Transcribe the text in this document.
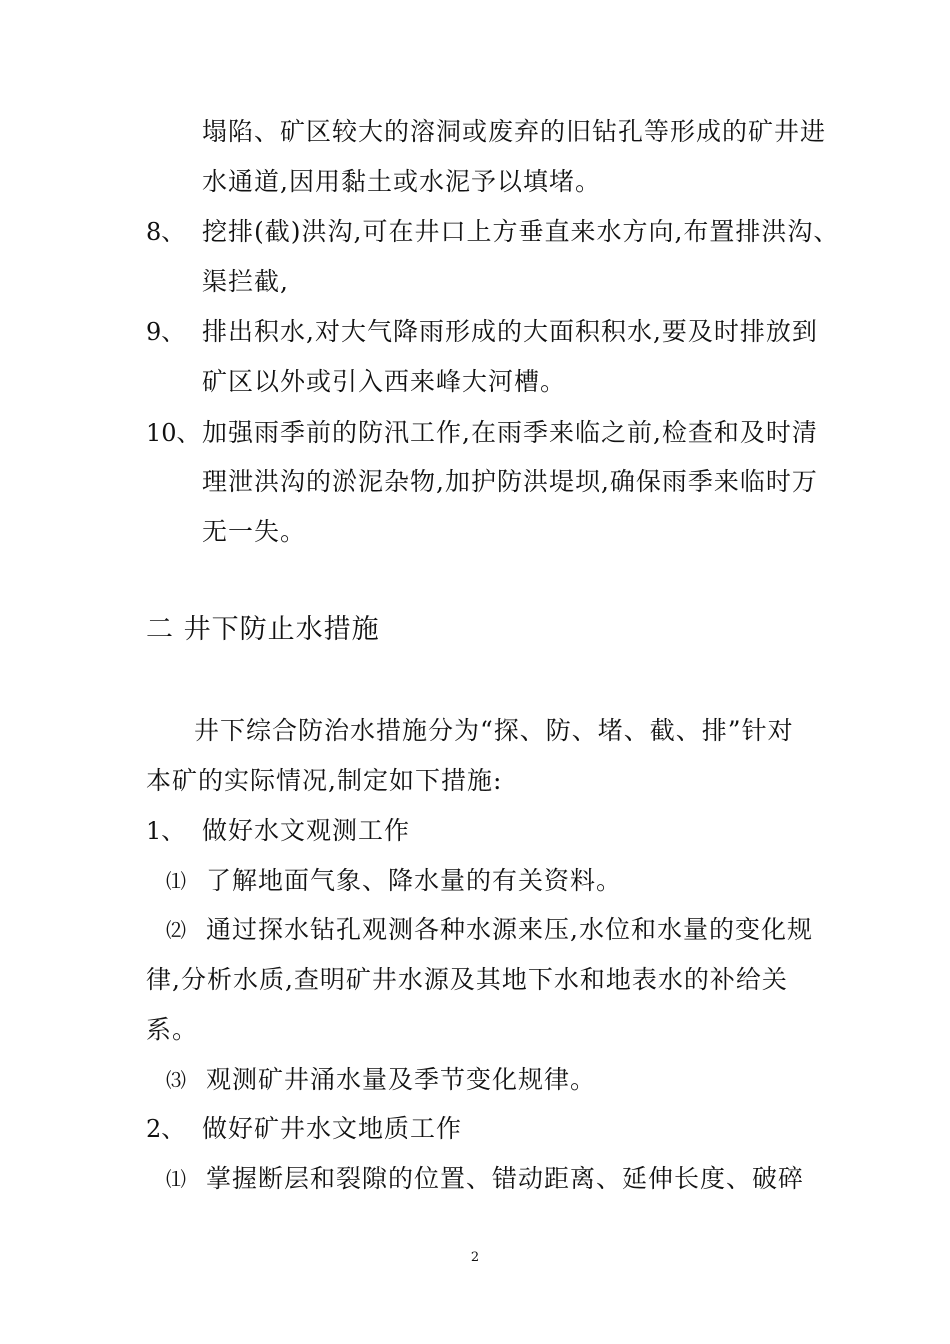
塌陷、矿区较大的溶洞或废弃的旧钻孔等形成的矿井进
水通道,因用黏土或水泥予以填堵。
8、 挖排(截)洪沟,可在井口上方垂直来水方向,布置排洪沟、
渠拦截,
9、 排出积水,对大气降雨形成的大面积积水,要及时排放到
矿区以外或引入西来峰大河槽。
10、 加强雨季前的防汛工作,在雨季来临之前,检查和及时清
理泄洪沟的淤泥杂物,加护防洪堤坝,确保雨季来临时万
无一失。
二 井下防止水措施
井下综合防治水措施分为“探、防、堵、截、排”针对
本矿的实际情况,制定如下措施:
1、 做好水文观测工作
⑴ 了解地面气象、降水量的有关资料。
⑵ 通过探水钻孔观测各种水源来压,水位和水量的变化规
律,分析水质,查明矿井水源及其地下水和地表水的补给关
系。
⑶ 观测矿井涌水量及季节变化规律。
2、 做好矿井水文地质工作
⑴ 掌握断层和裂隙的位置、错动距离、延伸长度、破碎
2
